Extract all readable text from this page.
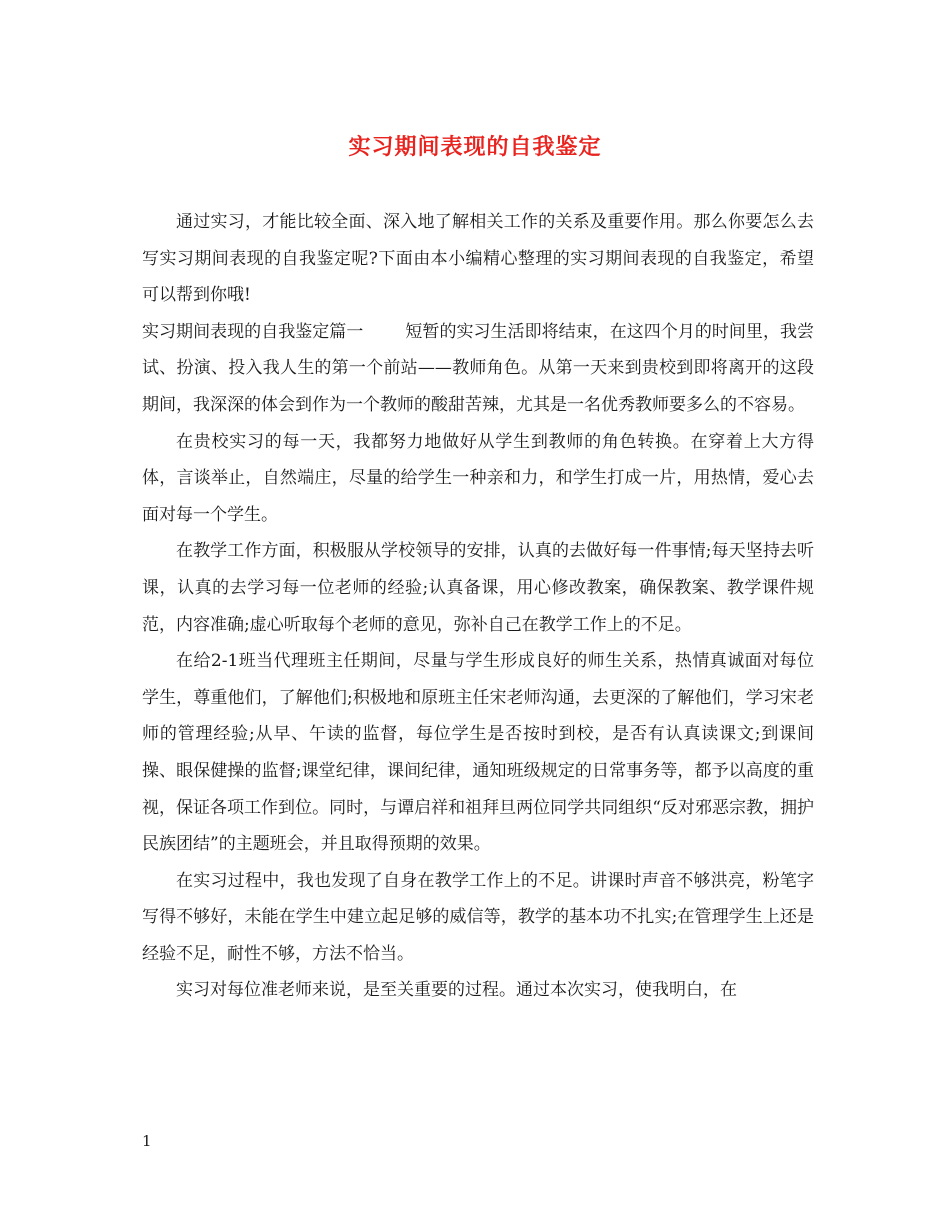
实习期间表现的自我鉴定

通过实习，才能比较全面、深入地了解相关工作的关系及重要作用。那么你要怎么去写实习期间表现的自我鉴定呢?下面由本小编精心整理的实习期间表现的自我鉴定，希望可以帮到你哦!

实习期间表现的自我鉴定篇一 短暂的实习生活即将结束，在这四个月的时间里，我尝试、扮演、投入我人生的第一个前站——教师角色。从第一天来到贵校到即将离开的这段期间，我深深的体会到作为一个教师的酸甜苦辣，尤其是一名优秀教师要多么的不容易。

在贵校实习的每一天，我都努力地做好从学生到教师的角色转换。在穿着上大方得体，言谈举止，自然端庄，尽量的给学生一种亲和力，和学生打成一片，用热情，爱心去面对每一个学生。

在教学工作方面，积极服从学校领导的安排，认真的去做好每一件事情;每天坚持去听课，认真的去学习每一位老师的经验;认真备课，用心修改教案，确保教案、教学课件规范，内容准确;虚心听取每个老师的意见，弥补自己在教学工作上的不足。

在给2-1班当代理班主任期间，尽量与学生形成良好的师生关系，热情真诚面对每位学生，尊重他们，了解他们;积极地和原班主任宋老师沟通，去更深的了解他们，学习宋老师的管理经验;从早、午读的监督，每位学生是否按时到校，是否有认真读课文;到课间操、眼保健操的监督;课堂纪律，课间纪律，通知班级规定的日常事务等，都予以高度的重视，保证各项工作到位。同时，与谭启祥和祖拜旦两位同学共同组织“反对邪恶宗教，拥护民族团结”的主题班会，并且取得预期的效果。

在实习过程中，我也发现了自身在教学工作上的不足。讲课时声音不够洪亮，粉笔字写得不够好，未能在学生中建立起足够的威信等，教学的基本功不扎实;在管理学生上还是经验不足，耐性不够，方法不恰当。

实习对每位准老师来说，是至关重要的过程。通过本次实习，使我明白，在

1
